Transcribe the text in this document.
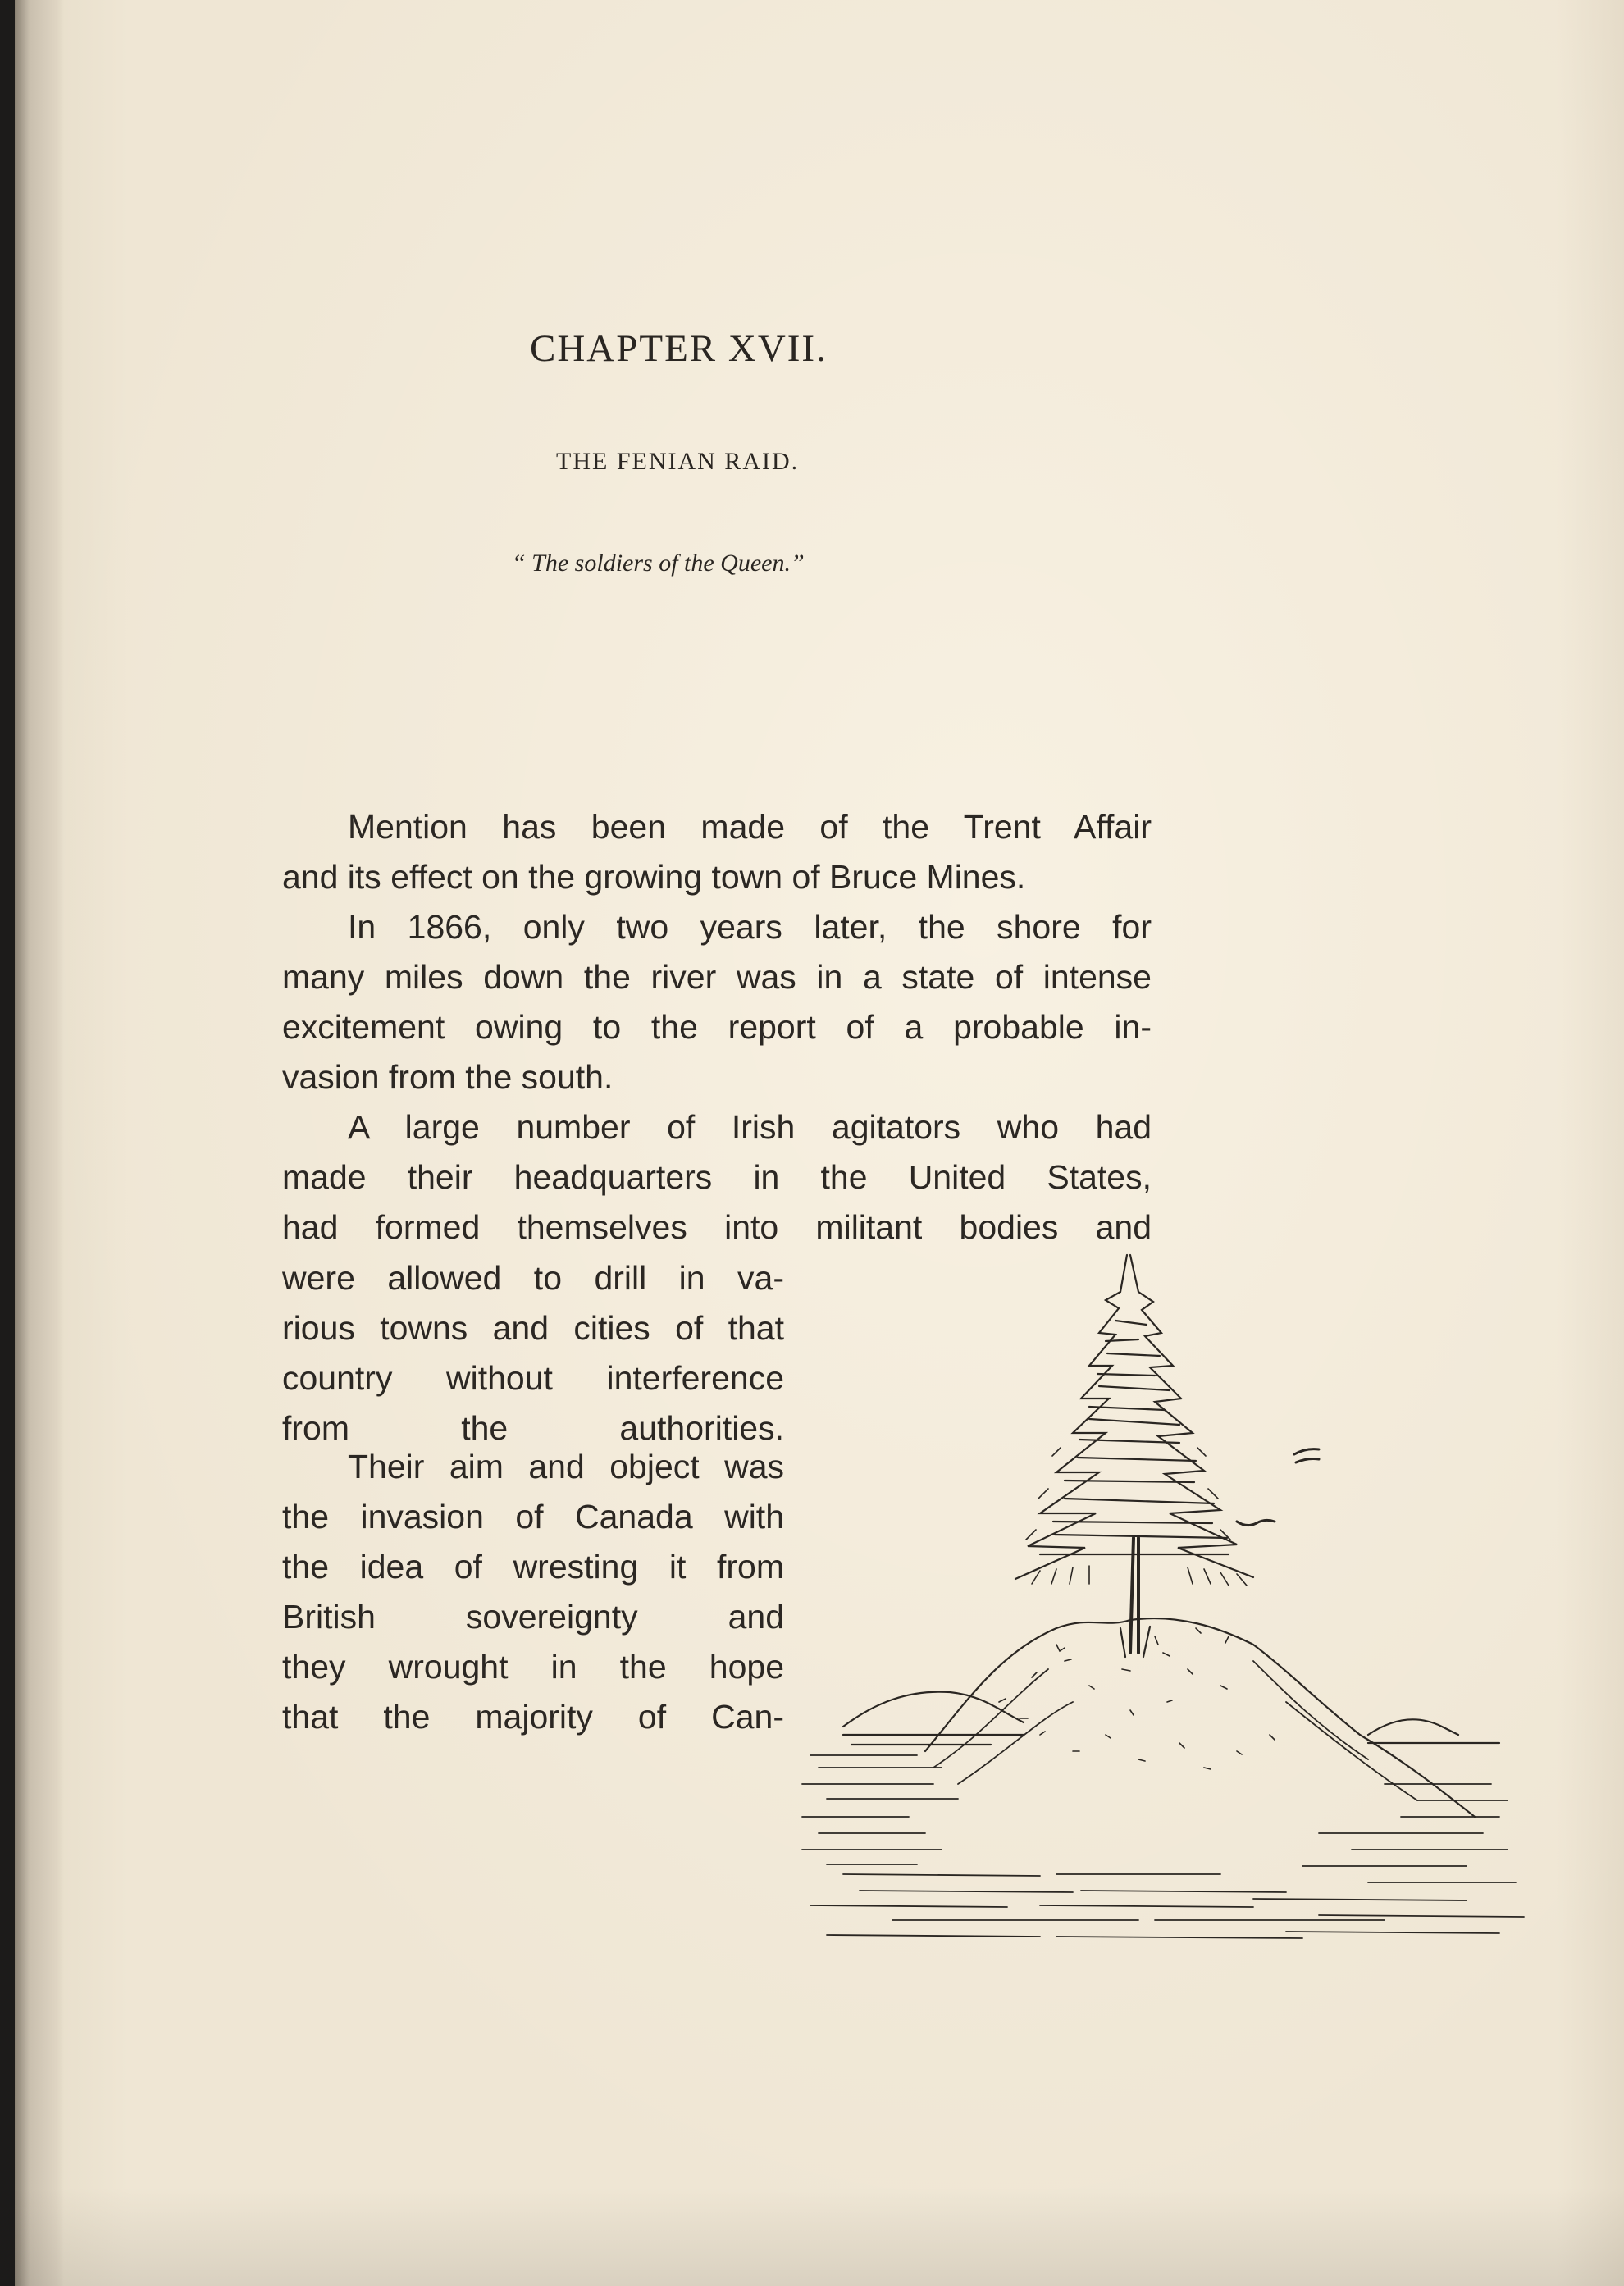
CHAPTER XVII.
THE FENIAN RAID.
“ The soldiers of the Queen.”

Mention has been made of the Trent Affair
and its effect on the growing town of Bruce Mines.

In 1866, only two years later, the shore for
many miles down the river was in a state of intense
excitement owing to the report of a probable in-
vasion from the south.

A large number of Irish agitators who had
made their headquarters in the United States,
had formed themselves into militant bodies and

were allowed to drill in va-
rious towns and cities of that
country without interference
from the authorities.

Their aim and object was
the invasion of Canada with
the idea of wresting it from
British sovereignty and
they wrought in the hope
that the majority of Can-
